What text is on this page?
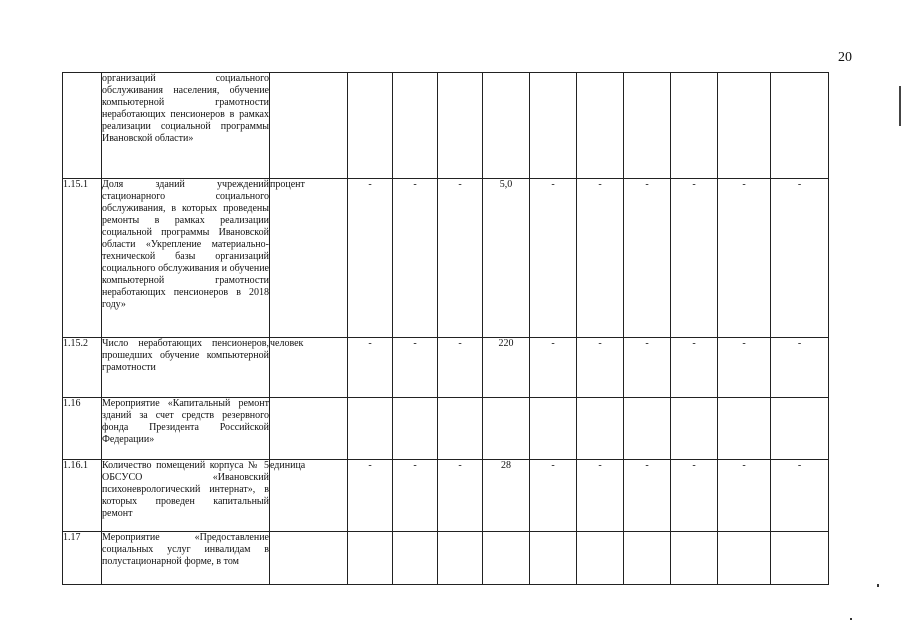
20
	организаций социального обслуживания населения, обучение компьютерной грамотности неработающих пенсионеров в рамках реализации социальной программы Ивановской области»											
1.15.1	Доля зданий учреждений стационарного социального обслуживания, в которых проведены ремонты в рамках реализации социальной программы Ивановской области «Укрепление материально-технической базы организаций социального обслуживания и обучение компьютерной грамотности неработающих пенсионеров в 2018 году»	процент	-	-	-	5,0	-	-	-	-	-	-
1.15.2	Число неработающих пенсионеров, прошедших обучение компьютерной грамотности	человек	-	-	-	220	-	-	-	-	-	-
1.16	Мероприятие «Капитальный ремонт зданий за счет средств резервного фонда Президента Российской Федерации»											
1.16.1	Количество помещений корпуса № 5 ОБСУСО «Ивановский психоневрологический интернат», в которых проведен капитальный ремонт	единица	-	-	-	28	-	-	-	-	-	-
1.17	Мероприятие «Предоставление социальных услуг инвалидам в полустационарной форме, в том											
